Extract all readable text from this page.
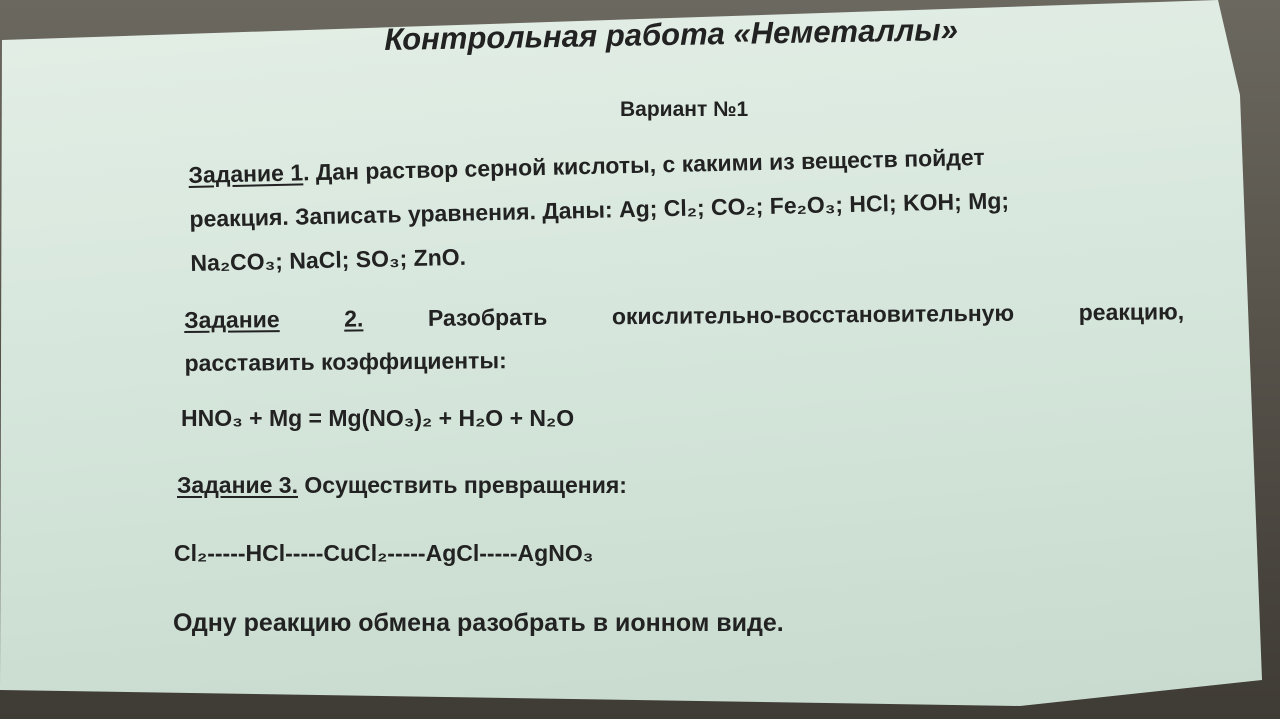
Контрольная работа «Неметаллы»

Вариант №1

Задание 1. Дан раствор серной кислоты, с какими из веществ пойдет
реакция. Записать уравнения. Даны: Ag; Cl₂; CO₂; Fe₂O₃; HCl; KOH; Mg;
Na₂CO₃; NaCl; SO₃; ZnO.
Задание	2.	Разобрать	окислительно-восстановительную	реакцию,
расставить коэффициенты:

HNO₃ + Mg = Mg(NO₃)₂ + H₂O + N₂O

Задание 3. Осуществить превращения:

Cl₂-----HCl-----CuCl₂-----AgCl-----AgNO₃

Одну реакцию обмена разобрать в ионном виде.
